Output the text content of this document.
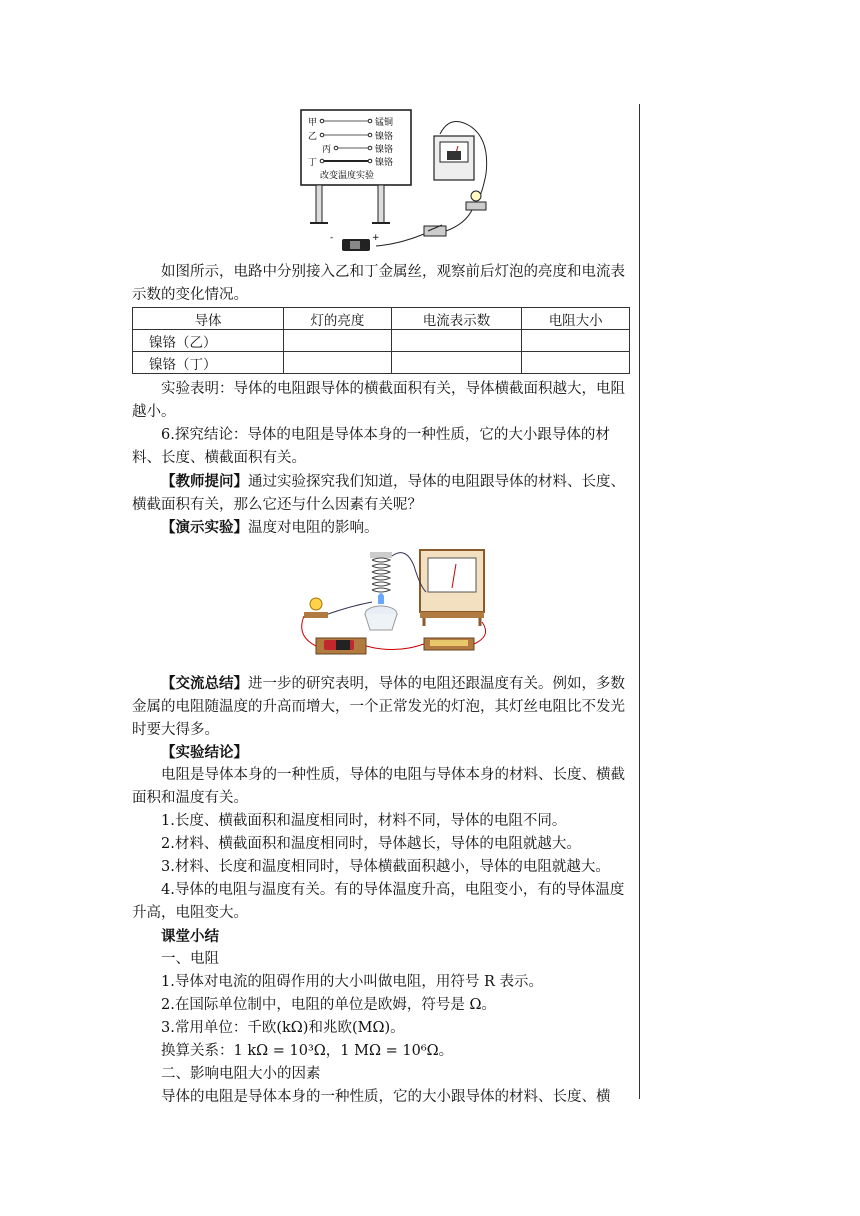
甲	锰铜
乙	镍铬
丙	镍铬
丁	镍铬
改变温度实验
-	+

如图所示，电路中分别接入乙和丁金属丝，观察前后灯泡的亮度和电流表示数的变化情况。

导体	灯的亮度	电流表示数	电阻大小
镍铬（乙）			
镍铬（丁）			

实验表明：导体的电阻跟导体的横截面积有关，导体横截面积越大，电阻越小。

6.探究结论：导体的电阻是导体本身的一种性质，它的大小跟导体的材料、长度、横截面积有关。

【教师提问】通过实验探究我们知道，导体的电阻跟导体的材料、长度、横截面积有关，那么它还与什么因素有关呢？

【演示实验】温度对电阻的影响。

【交流总结】进一步的研究表明，导体的电阻还跟温度有关。例如，多数金属的电阻随温度的升高而增大，一个正常发光的灯泡，其灯丝电阻比不发光时要大得多。

【实验结论】

电阻是导体本身的一种性质，导体的电阻与导体本身的材料、长度、横截面积和温度有关。

1.长度、横截面积和温度相同时，材料不同，导体的电阻不同。

2.材料、横截面积和温度相同时，导体越长，导体的电阻就越大。

3.材料、长度和温度相同时，导体横截面积越小，导体的电阻就越大。

4.导体的电阻与温度有关。有的导体温度升高，电阻变小，有的导体温度升高，电阻变大。

课堂小结

一、电阻

1.导体对电流的阻碍作用的大小叫做电阻，用符号 R 表示。

2.在国际单位制中，电阻的单位是欧姆，符号是 Ω。

3.常用单位：千欧(kΩ)和兆欧(MΩ)。

换算关系：1 kΩ = 10³Ω，1 MΩ = 10⁶Ω。

二、影响电阻大小的因素

导体的电阻是导体本身的一种性质，它的大小跟导体的材料、长度、横
